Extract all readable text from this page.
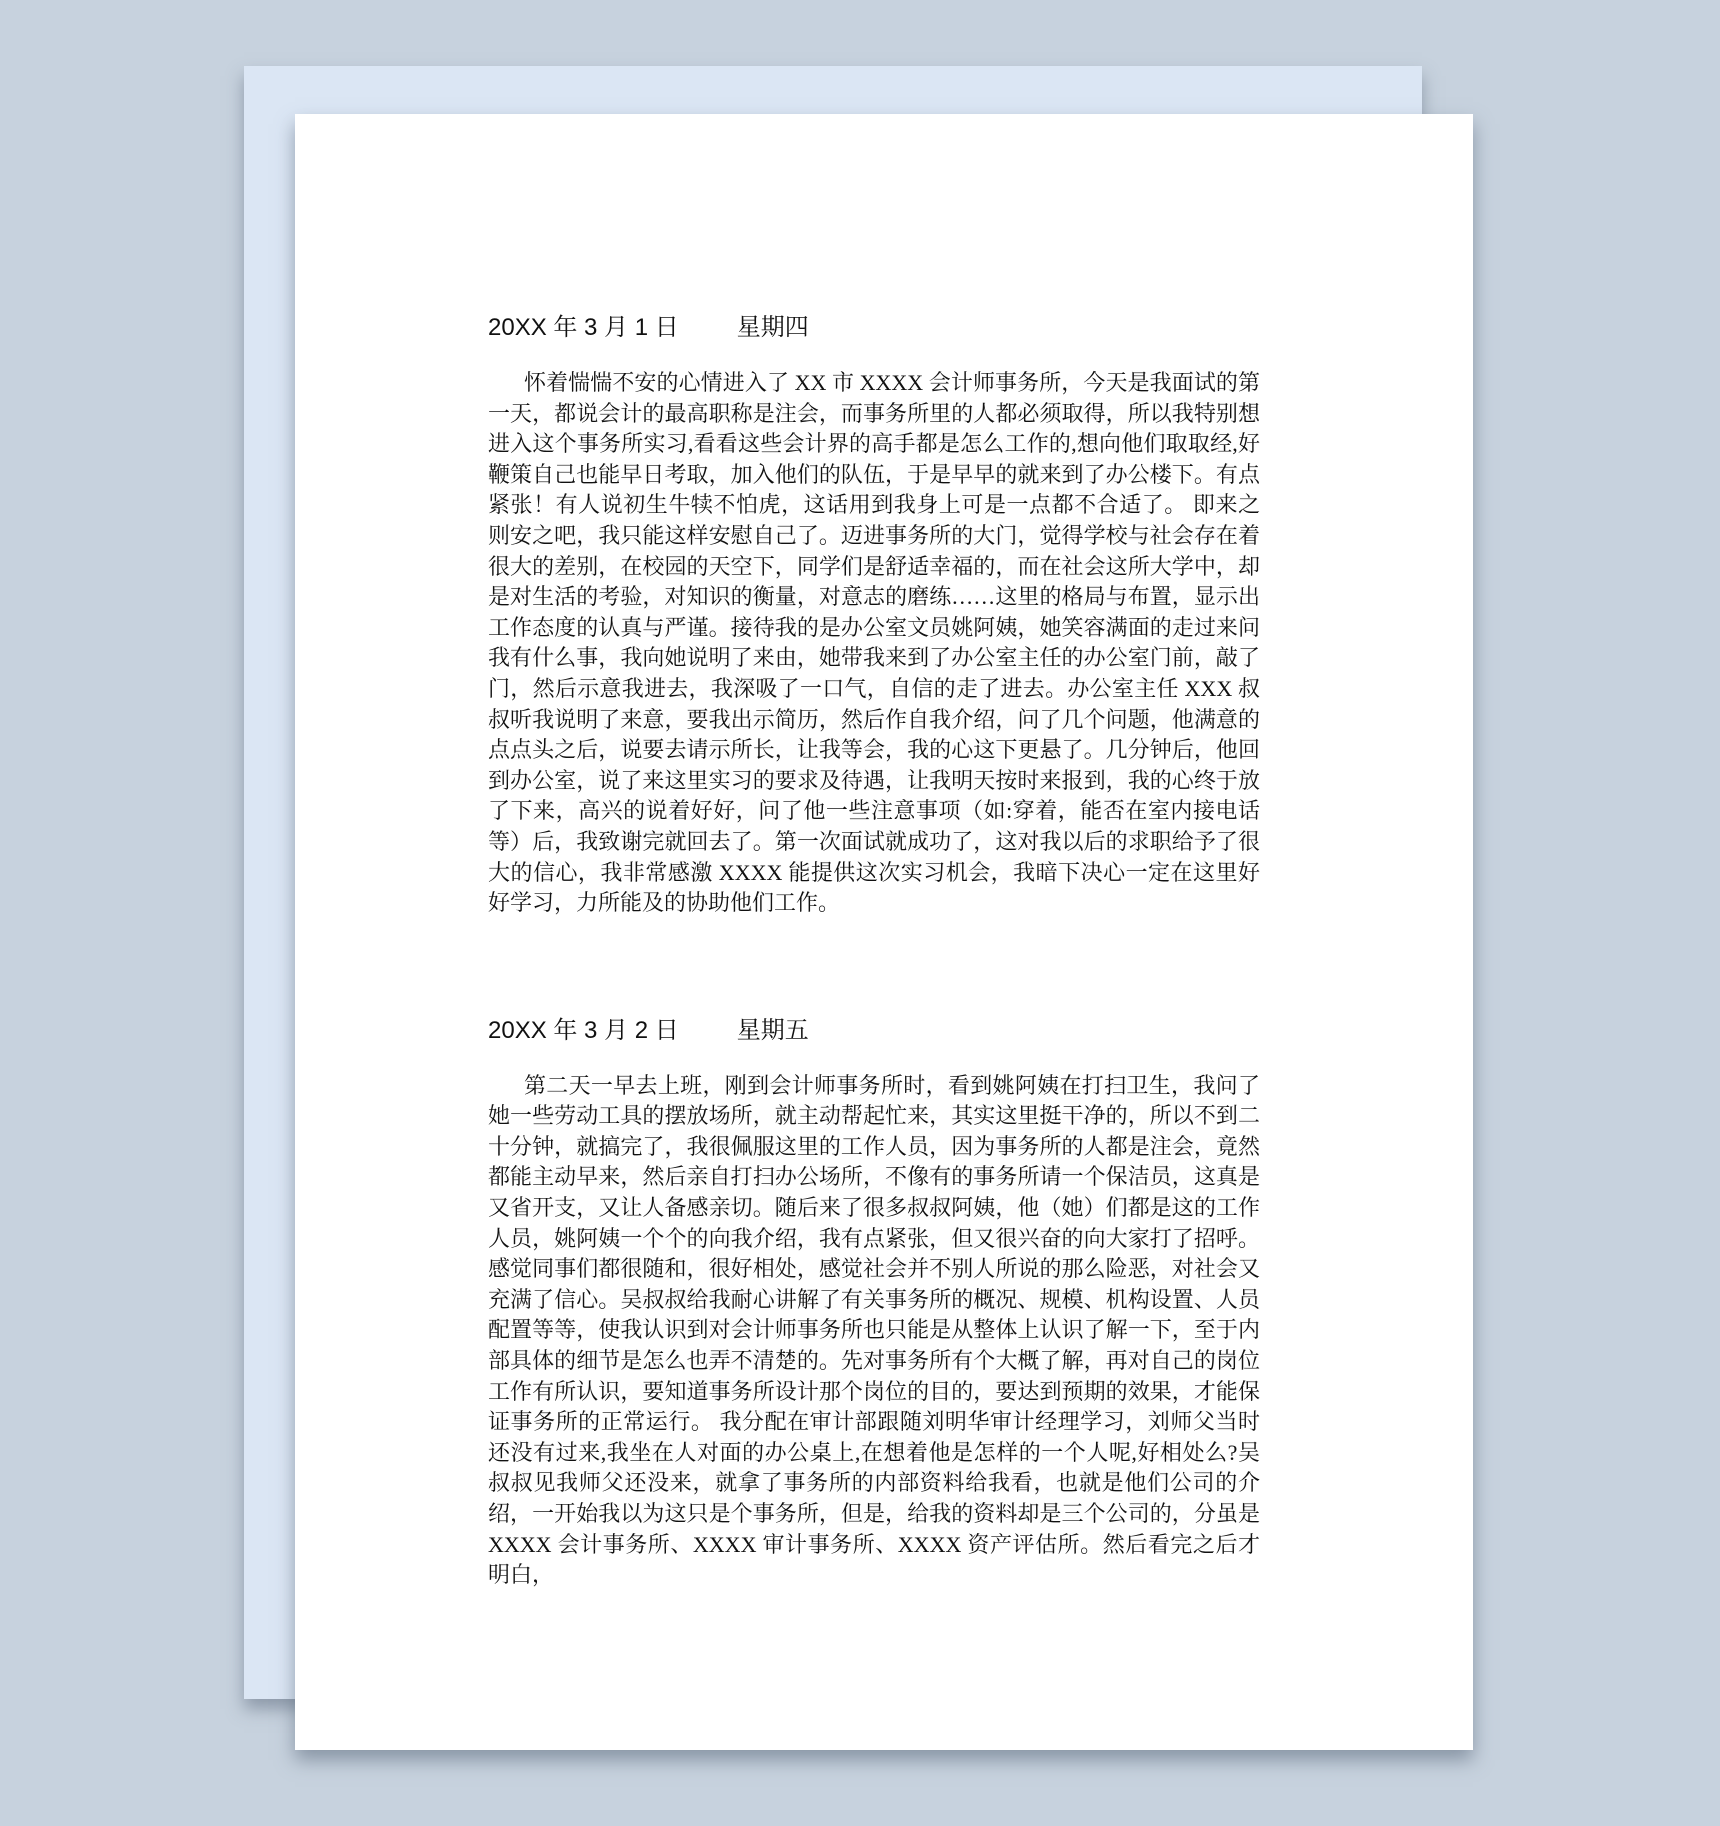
20XX 年 3 月 1 日 星期四

怀着惴惴不安的心情进入了 XX 市 XXXX 会计师事务所，今天是我面试的第一天，都说会计的最高职称是注会，而事务所里的人都必须取得，所以我特别想进入这个事务所实习,看看这些会计界的高手都是怎么工作的,想向他们取取经,好鞭策自己也能早日考取，加入他们的队伍，于是早早的就来到了办公楼下。有点紧张！有人说初生牛犊不怕虎，这话用到我身上可是一点都不合适了。 即来之则安之吧，我只能这样安慰自己了。迈进事务所的大门，觉得学校与社会存在着很大的差别，在校园的天空下，同学们是舒适幸福的，而在社会这所大学中，却是对生活的考验，对知识的衡量，对意志的磨练……这里的格局与布置，显示出工作态度的认真与严谨。接待我的是办公室文员姚阿姨，她笑容满面的走过来问我有什么事，我向她说明了来由，她带我来到了办公室主任的办公室门前，敲了门，然后示意我进去，我深吸了一口气，自信的走了进去。办公室主任 XXX 叔叔听我说明了来意，要我出示简历，然后作自我介绍，问了几个问题，他满意的点点头之后，说要去请示所长，让我等会，我的心这下更悬了。几分钟后，他回到办公室，说了来这里实习的要求及待遇，让我明天按时来报到，我的心终于放了下来，高兴的说着好好，问了他一些注意事项（如:穿着，能否在室内接电话等）后，我致谢完就回去了。第一次面试就成功了，这对我以后的求职给予了很大的信心，我非常感激 XXXX 能提供这次实习机会，我暗下决心一定在这里好好学习，力所能及的协助他们工作。

20XX 年 3 月 2 日 星期五

第二天一早去上班，刚到会计师事务所时，看到姚阿姨在打扫卫生，我问了她一些劳动工具的摆放场所，就主动帮起忙来，其实这里挺干净的，所以不到二十分钟，就搞完了，我很佩服这里的工作人员，因为事务所的人都是注会，竟然都能主动早来，然后亲自打扫办公场所，不像有的事务所请一个保洁员，这真是又省开支，又让人备感亲切。随后来了很多叔叔阿姨，他（她）们都是这的工作人员，姚阿姨一个个的向我介绍，我有点紧张，但又很兴奋的向大家打了招呼。感觉同事们都很随和，很好相处，感觉社会并不别人所说的那么险恶，对社会又充满了信心。吴叔叔给我耐心讲解了有关事务所的概况、规模、机构设置、人员配置等等，使我认识到对会计师事务所也只能是从整体上认识了解一下，至于内部具体的细节是怎么也弄不清楚的。先对事务所有个大概了解，再对自己的岗位工作有所认识，要知道事务所设计那个岗位的目的，要达到预期的效果，才能保证事务所的正常运行。 我分配在审计部跟随刘明华审计经理学习，刘师父当时还没有过来,我坐在人对面的办公桌上,在想着他是怎样的一个人呢,好相处么?吴叔叔见我师父还没来，就拿了事务所的内部资料给我看，也就是他们公司的介绍，一开始我以为这只是个事务所，但是，给我的资料却是三个公司的，分虽是 XXXX 会计事务所、XXXX 审计事务所、XXXX 资产评估所。然后看完之后才明白，
